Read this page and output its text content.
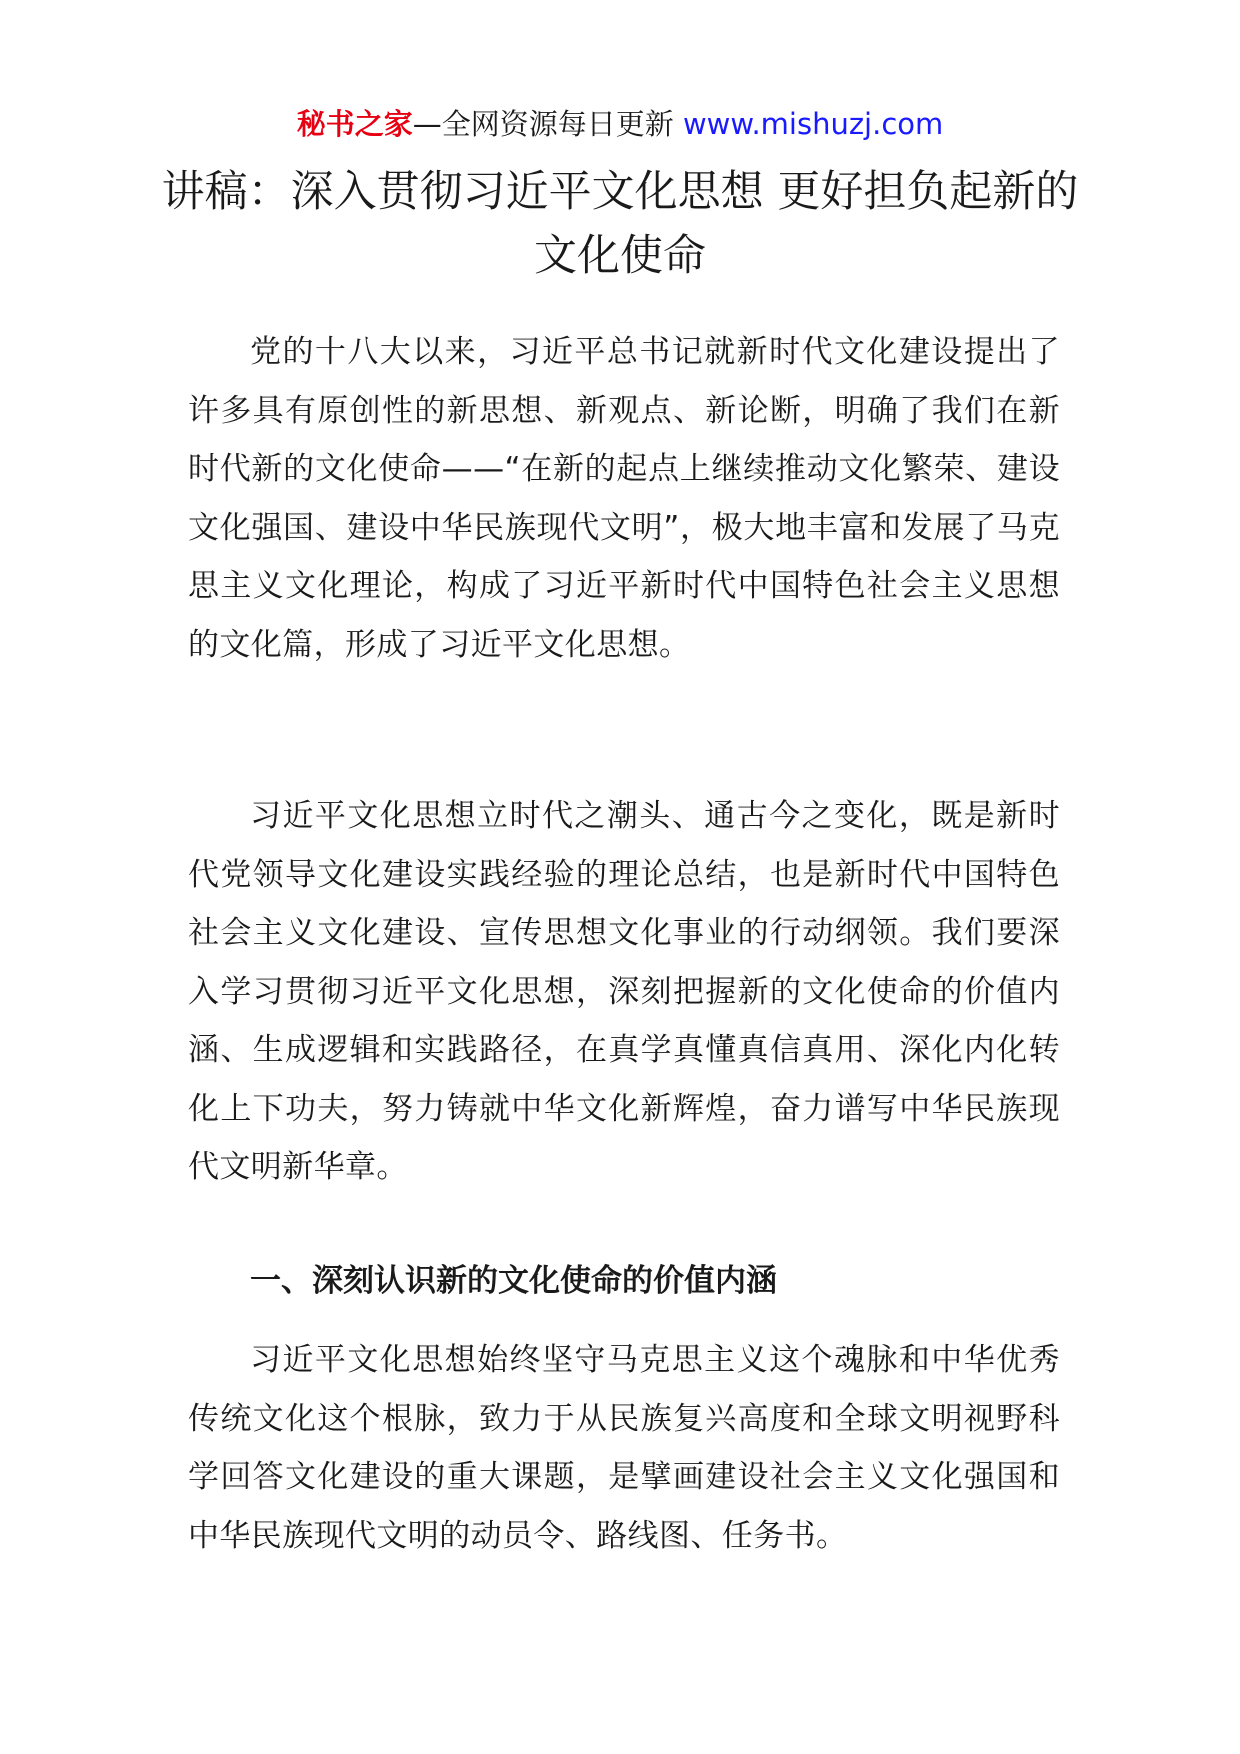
秘书之家—全网资源每日更新 www.mishuzj.com
讲稿：深入贯彻习近平文化思想 更好担负起新的文化使命

党的十八大以来，习近平总书记就新时代文化建设提出了许多具有原创性的新思想、新观点、新论断，明确了我们在新时代新的文化使命——“在新的起点上继续推动文化繁荣、建设文化强国、建设中华民族现代文明”，极大地丰富和发展了马克思主义文化理论，构成了习近平新时代中国特色社会主义思想的文化篇，形成了习近平文化思想。

习近平文化思想立时代之潮头、通古今之变化，既是新时代党领导文化建设实践经验的理论总结，也是新时代中国特色社会主义文化建设、宣传思想文化事业的行动纲领。我们要深入学习贯彻习近平文化思想，深刻把握新的文化使命的价值内涵、生成逻辑和实践路径，在真学真懂真信真用、深化内化转化上下功夫，努力铸就中华文化新辉煌，奋力谱写中华民族现代文明新华章。

一、深刻认识新的文化使命的价值内涵

习近平文化思想始终坚守马克思主义这个魂脉和中华优秀传统文化这个根脉，致力于从民族复兴高度和全球文明视野科学回答文化建设的重大课题，是擘画建设社会主义文化强国和中华民族现代文明的动员令、路线图、任务书。
